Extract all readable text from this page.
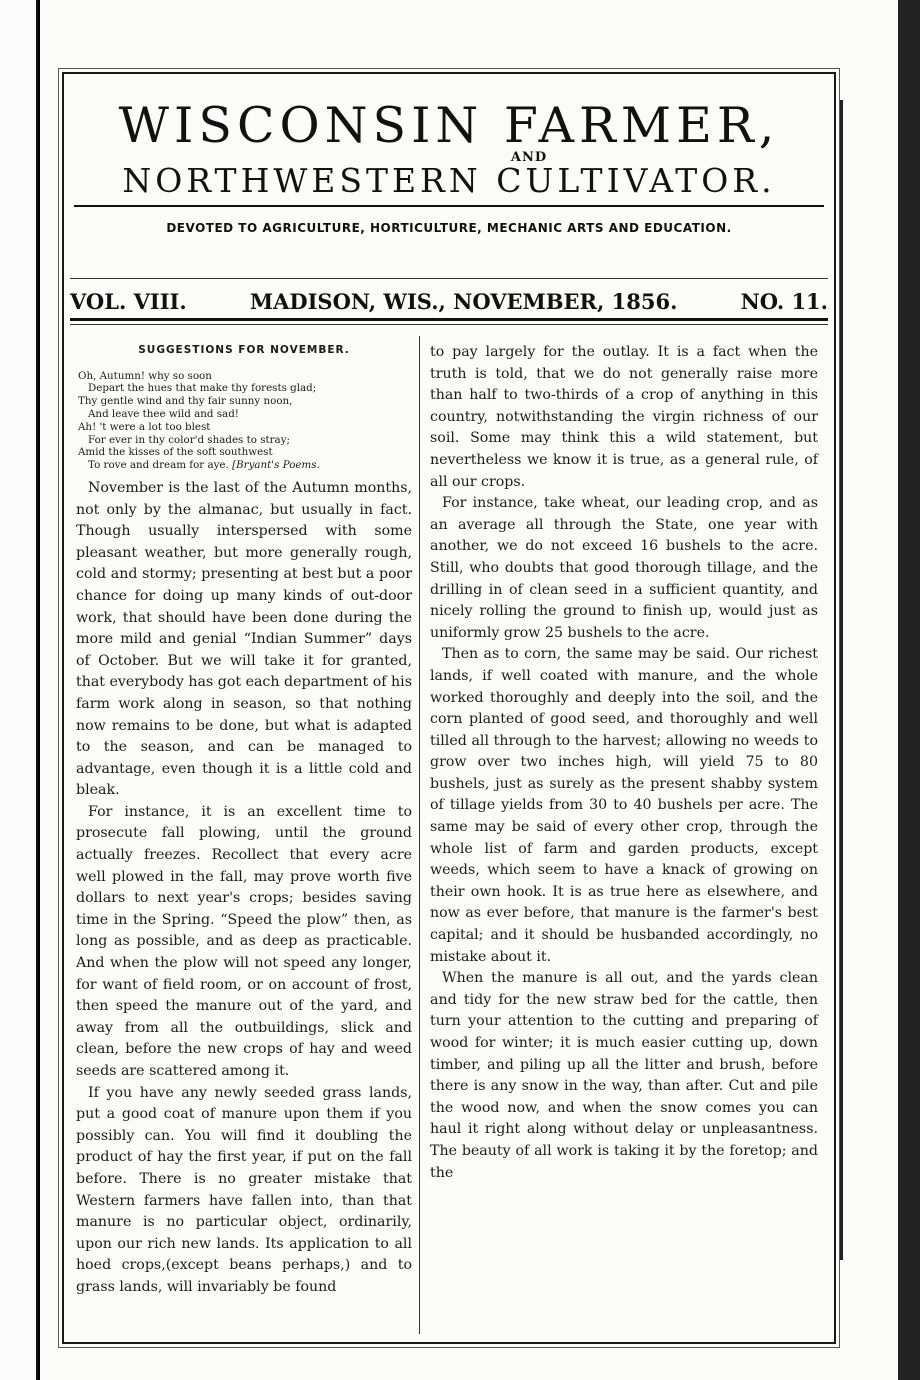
WISCONSIN FARMER,
AND
NORTHWESTERN CULTIVATOR.
DEVOTED TO AGRICULTURE, HORTICULTURE, MECHANIC ARTS AND EDUCATION.
VOL. VIII.	MADISON, WIS., NOVEMBER, 1856.	NO. 11.
SUGGESTIONS FOR NOVEMBER.
Oh, Autumn! why so soon
Depart the hues that make thy forests glad;
Thy gentle wind and thy fair sunny noon,
And leave thee wild and sad!
Ah! 't were a lot too blest
For ever in thy color'd shades to stray;
Amid the kisses of the soft southwest
To rove and dream for aye. [Bryant's Poems.

November is the last of the Autumn months, not only by the almanac, but usually in fact. Though usually interspersed with some pleasant weather, but more generally rough, cold and stormy; presenting at best but a poor chance for doing up many kinds of out-door work, that should have been done during the more mild and genial “Indian Summer” days of October. But we will take it for granted, that everybody has got each department of his farm work along in season, so that nothing now remains to be done, but what is adapted to the season, and can be managed to advantage, even though it is a little cold and bleak.

For instance, it is an excellent time to prosecute fall plowing, until the ground actually freezes. Recollect that every acre well plowed in the fall, may prove worth five dollars to next year's crops; besides saving time in the Spring. “Speed the plow” then, as long as possible, and as deep as practicable. And when the plow will not speed any longer, for want of field room, or on account of frost, then speed the manure out of the yard, and away from all the outbuildings, slick and clean, before the new crops of hay and weed seeds are scattered among it.

If you have any newly seeded grass lands, put a good coat of manure upon them if you possibly can. You will find it doubling the product of hay the first year, if put on the fall before. There is no greater mistake that Western farmers have fallen into, than that manure is no particular object, ordinarily, upon our rich new lands. Its application to all hoed crops,(except beans perhaps,) and to grass lands, will invariably be found

to pay largely for the outlay. It is a fact when the truth is told, that we do not generally raise more than half to two-thirds of a crop of anything in this country, notwithstanding the virgin richness of our soil. Some may think this a wild statement, but nevertheless we know it is true, as a general rule, of all our crops.

For instance, take wheat, our leading crop, and as an average all through the State, one year with another, we do not exceed 16 bushels to the acre. Still, who doubts that good thorough tillage, and the drilling in of clean seed in a sufficient quantity, and nicely rolling the ground to finish up, would just as uniformly grow 25 bushels to the acre.

Then as to corn, the same may be said. Our richest lands, if well coated with manure, and the whole worked thoroughly and deeply into the soil, and the corn planted of good seed, and thoroughly and well tilled all through to the harvest; allowing no weeds to grow over two inches high, will yield 75 to 80 bushels, just as surely as the present shabby system of tillage yields from 30 to 40 bushels per acre. The same may be said of every other crop, through the whole list of farm and garden products, except weeds, which seem to have a knack of growing on their own hook. It is as true here as elsewhere, and now as ever before, that manure is the farmer's best capital; and it should be husbanded accordingly, no mistake about it.

When the manure is all out, and the yards clean and tidy for the new straw bed for the cattle, then turn your attention to the cutting and preparing of wood for winter; it is much easier cutting up, down timber, and piling up all the litter and brush, before there is any snow in the way, than after. Cut and pile the wood now, and when the snow comes you can haul it right along without delay or unpleasantness. The beauty of all work is taking it by the foretop; and the
